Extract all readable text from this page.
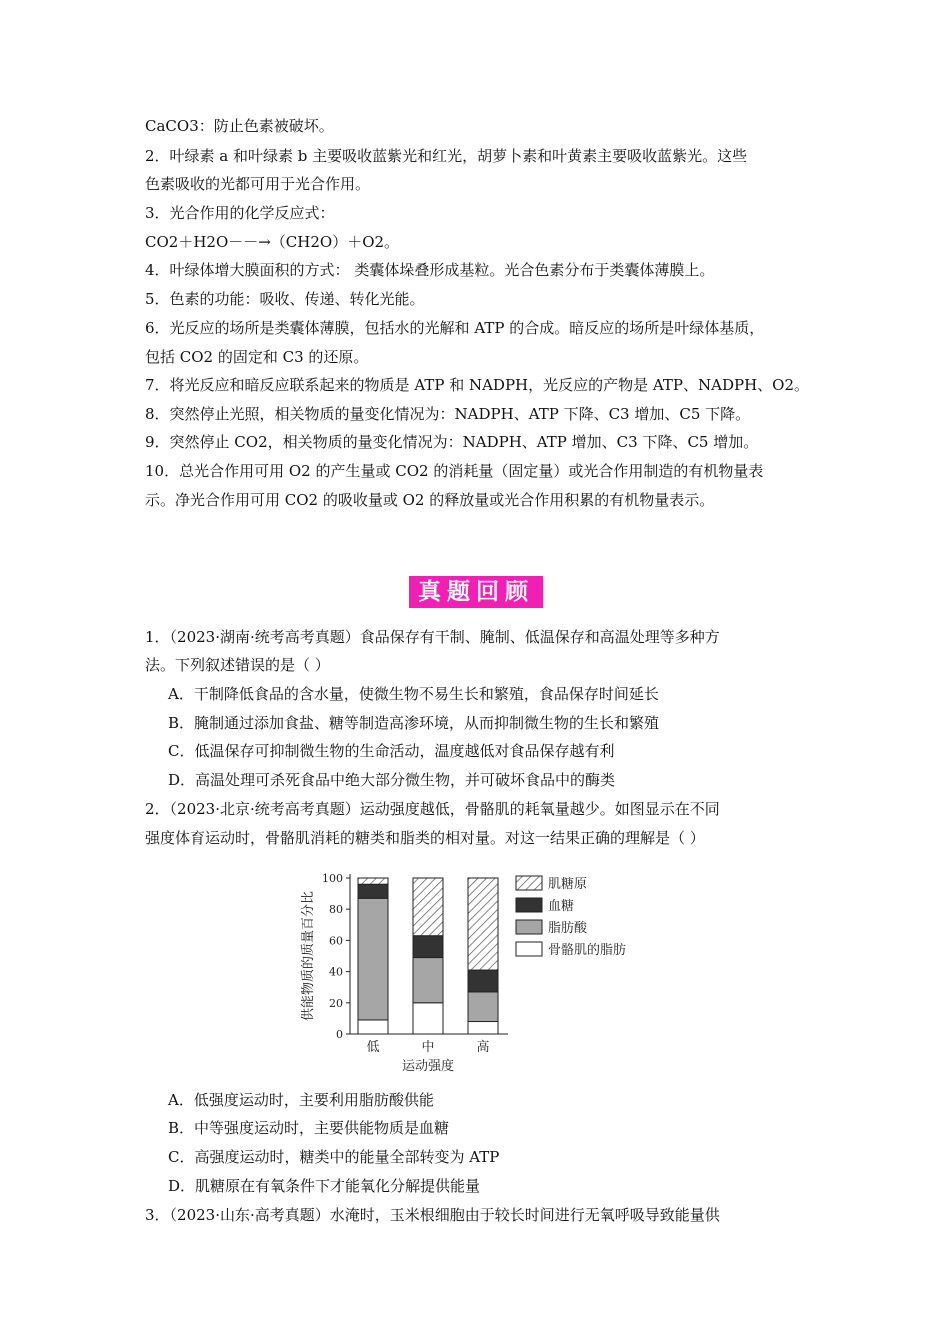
CaCO3：防止色素被破坏。
2．叶绿素 a 和叶绿素 b 主要吸收蓝紫光和红光，胡萝卜素和叶黄素主要吸收蓝紫光。这些
色素吸收的光都可用于光合作用。
3．光合作用的化学反应式：
CO2＋H2O－－→（CH2O）＋O2。
4．叶绿体增大膜面积的方式： 类囊体垛叠形成基粒。光合色素分布于类囊体薄膜上。
5．色素的功能：吸收、传递、转化光能。
6．光反应的场所是类囊体薄膜，包括水的光解和 ATP 的合成。暗反应的场所是叶绿体基质，
包括 CO2 的固定和 C3 的还原。
7．将光反应和暗反应联系起来的物质是 ATP 和 NADPH，光反应的产物是 ATP、NADPH、O2。
8．突然停止光照，相关物质的量变化情况为：NADPH、ATP 下降、C3 增加、C5 下降。
9．突然停止 CO2，相关物质的量变化情况为：NADPH、ATP 增加、C3 下降、C5 增加。
10．总光合作用可用 O2 的产生量或 CO2 的消耗量（固定量）或光合作用制造的有机物量表
示。净光合作用可用 CO2 的吸收量或 O2 的释放量或光合作用积累的有机物量表示。
真题回顾
1．（2023·湖南·统考高考真题）食品保存有干制、腌制、低温保存和高温处理等多种方
法。下列叙述错误的是（ ）
A．干制降低食品的含水量，使微生物不易生长和繁殖，食品保存时间延长
B．腌制通过添加食盐、糖等制造高渗环境，从而抑制微生物的生长和繁殖
C．低温保存可抑制微生物的生命活动，温度越低对食品保存越有利
D．高温处理可杀死食品中绝大部分微生物，并可破坏食品中的酶类
2．（2023·北京·统考高考真题）运动强度越低，骨骼肌的耗氧量越少。如图显示在不同
强度体育运动时，骨骼肌消耗的糖类和脂类的相对量。对这一结果正确的理解是（ ）
0
20
40
60
80
100
供能物质的质量百分比
低	中	高
运动强度
肌糖原
血糖
脂肪酸
骨骼肌的脂肪
A．低强度运动时，主要利用脂肪酸供能
B．中等强度运动时，主要供能物质是血糖
C．高强度运动时，糖类中的能量全部转变为 ATP
D．肌糖原在有氧条件下才能氧化分解提供能量
3．（2023·山东·高考真题）水淹时，玉米根细胞由于较长时间进行无氧呼吸导致能量供
